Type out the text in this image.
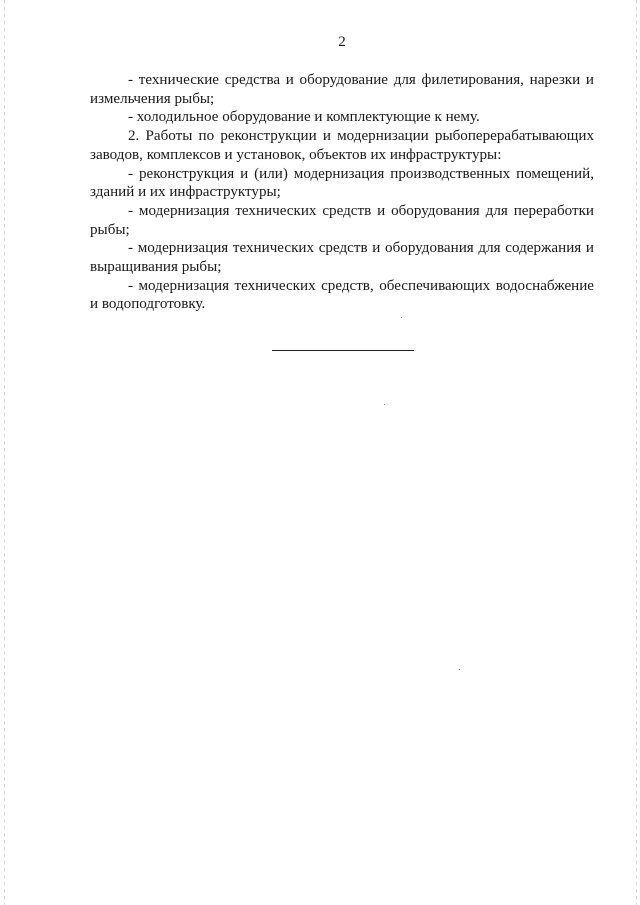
2

- технические средства и оборудование для филетирования, нарезки и измельчения рыбы;

- холодильное оборудование и комплектующие к нему.

2. Работы по реконструкции и модернизации рыбоперерабатывающих заводов, комплексов и установок, объектов их инфраструктуры:

- реконструкция и (или) модернизация производственных помещений, зданий и их инфраструктуры;

- модернизация технических средств и оборудования для переработки рыбы;

- модернизация технических средств и оборудования для содержания и выращивания рыбы;

- модернизация технических средств, обеспечивающих водоснабжение и водоподготовку.
